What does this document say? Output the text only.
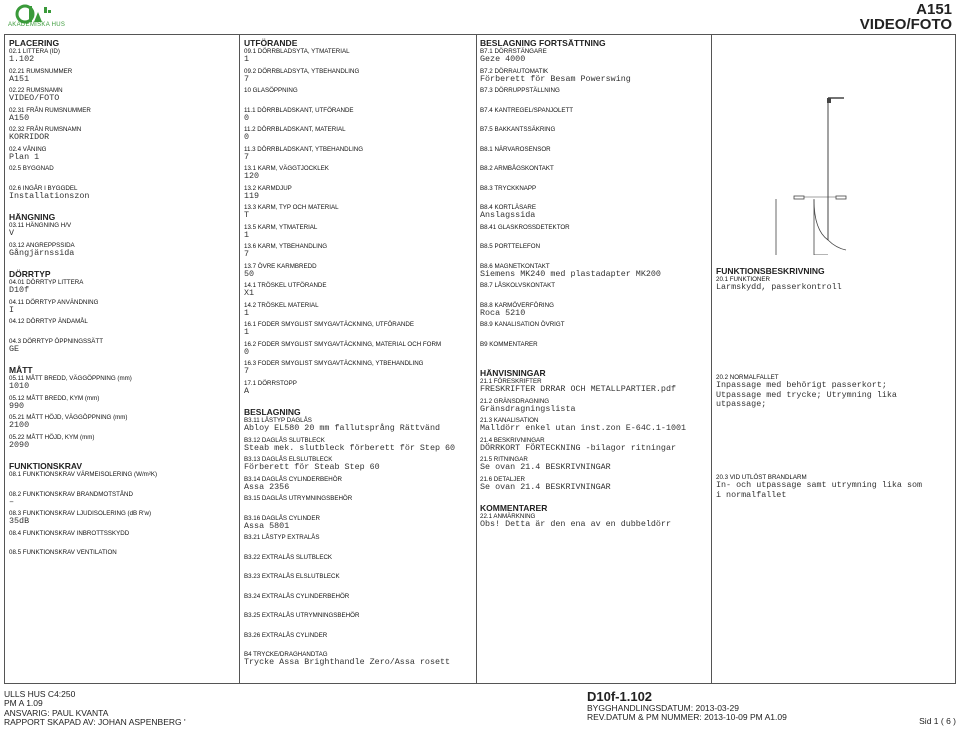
AKADEMISKA HUS
A151
VIDEO/FOTO
PLACERING
02.1 LITTERA (ID)
1.102
02.21 RUMSNUMMER
A151
02.22 RUMSNAMN
VIDEO/FOTO
02.31 FRÅN RUMSNUMMER
A150
02.32 FRÅN RUMSNAMN
KORRIDOR
02.4 VÅNING
Plan 1
02.5 BYGGNAD
02.6 INGÅR I BYGGDEL
Installationszon
HÄNGNING
03.11 HÄNGNING H/V
V
03.12 ANGREPPSSIDA
Gångjärnssida
DÖRRTYP
04.01 DÖRRTYP LITTERA
D10f
04.11 DÖRRTYP ANVÄNDNING
I
04.12 DÖRRTYP ÄNDAMÅL
04.3 DÖRRTYP ÖPPNINGSSÄTT
GE
MÅTT
05.11 MÅTT BREDD, VÄGGÖPPNING (mm)
1010
05.12 MÅTT BREDD, KYM (mm)
990
05.21 MÅTT HÖJD, VÄGGÖPPNING (mm)
2100
05.22 MÅTT HÖJD, KYM (mm)
2090
FUNKTIONSKRAV
08.1 FUNKTIONSKRAV VÄRMEISOLERING (W/m²K)
08.2 FUNKTIONSKRAV BRANDMOTSTÅND
–
08.3 FUNKTIONSKRAV LJUDISOLERING (dB R'w)
35dB
08.4 FUNKTIONSKRAV INBROTTSSKYDD
08.5 FUNKTIONSKRAV VENTILATION
UTFÖRANDE
09.1 DÖRRBLADSYTA, YTMATERIAL
1
09.2 DÖRRBLADSYTA, YTBEHANDLING
7
10 GLASÖPPNING
11.1 DÖRRBLADSKANT, UTFÖRANDE
0
11.2 DÖRRBLADSKANT, MATERIAL
0
11.3 DÖRRBLADSKANT, YTBEHANDLING
7
13.1 KARM, VÄGGTJOCKLEK
120
13.2 KARMDJUP
119
13.3 KARM, TYP OCH MATERIAL
T
13.5 KARM, YTMATERIAL
1
13.6 KARM, YTBEHANDLING
7
13.7 ÖVRE KARMBREDD
50
14.1 TRÖSKEL UTFÖRANDE
X1
14.2 TRÖSKEL MATERIAL
1
16.1 FODER SMYGLIST SMYGAVTÄCKNING, UTFÖRANDE
1
16.2 FODER SMYGLIST SMYGAVTÄCKNING, MATERIAL OCH FORM
0
16.3 FODER SMYGLIST SMYGAVTÄCKNING, YTBEHANDLING
7
17.1 DÖRRSTOPP
A
BESLAGNING
B3.11 LÅSTYP DAGLÅS
Abloy EL580 20 mm fallutsprång Rättvänd
B3.12 DAGLÅS SLUTBLECK
Steab mek. slutbleck förberett för Step 60
B3.13 DAGLÅS ELSLUTBLECK
Förberett för Steab Step 60
B3.14 DAGLÅS CYLINDERBEHÖR
Assa 2356
B3.15 DAGLÅS UTRYMNINGSBEHÖR
B3.16 DAGLÅS CYLINDER
Assa 5801
B3.21 LÅSTYP EXTRALÅS
B3.22 EXTRALÅS SLUTBLECK
B3.23 EXTRALÅS ELSLUTBLECK
B3.24 EXTRALÅS CYLINDERBEHÖR
B3.25 EXTRALÅS UTRYMNINGSBEHÖR
B3.26 EXTRALÅS CYLINDER
B4 TRYCKE/DRAGHANDTAG
Trycke Assa Brighthandle Zero/Assa rosett
BESLAGNING FORTSÄTTNING
B7.1 DÖRRSTÄNGARE
Geze 4000
B7.2 DÖRRAUTOMATIK
Förberett för Besam Powerswing
B7.3 DÖRRUPPSTÄLLNING
B7.4 KANTREGEL/SPANJOLETT
B7.5 BAKKANTSSÄKRING
B8.1 NÄRVAROSENSOR
B8.2 ARMBÅGSKONTAKT
B8.3 TRYCKKNAPP
B8.4 KORTLÄSARE
Anslagssida
B8.41 GLASKROSSDETEKTOR
B8.5 PORTTELEFON
B8.6 MAGNETKONTAKT
Siemens MK240 med plastadapter MK200
B8.7 LÅSKOLVSKONTAKT
B8.8 KARMÖVERFÖRING
Roca 5210
B8.9 KANALISATION ÖVRIGT
B9 KOMMENTARER
HÄNVISNINGAR
21.1 FÖRESKRIFTER
FRESKRIFTER DRRAR OCH METALLPARTIER.pdf
21.2 GRÄNSDRAGNING
Gränsdragningslista
21.3 KANALISATION
Malldörr enkel utan inst.zon E-64C.1-1001
21.4 BESKRIVNINGAR
DÖRRKORT FÖRTECKNING -bilagor ritningar
21.5 RITNINGAR
Se ovan 21.4 BESKRIVNINGAR
21.6 DETALJER
Se ovan 21.4 BESKRIVNINGAR
KOMMENTARER
22.1 ANMÄRKNING
Obs! Detta är den ena av en dubbeldörr
FUNKTIONSBESKRIVNING
20.1 FUNKTIONER
Larmskydd, passerkontroll
20.2 NORMALFALLET
Inpassage med behörigt passerkort;
Utpassage med trycke; Utrymning lika
utpassage;
20.3 VID UTLÖST BRANDLARM
In- och utpassage samt utrymning lika som
i normalfallet
ULLS HUS C4:250
PM A 1.09
ANSVARIG: PAUL KVANTA
RAPPORT SKAPAD AV: JOHAN ASPENBERG '
D10f-1.102
BYGGHANDLINGSDATUM: 2013-03-29
REV.DATUM & PM NUMMER: 2013-10-09 PM A1.09	Sid 1 ( 6 )
